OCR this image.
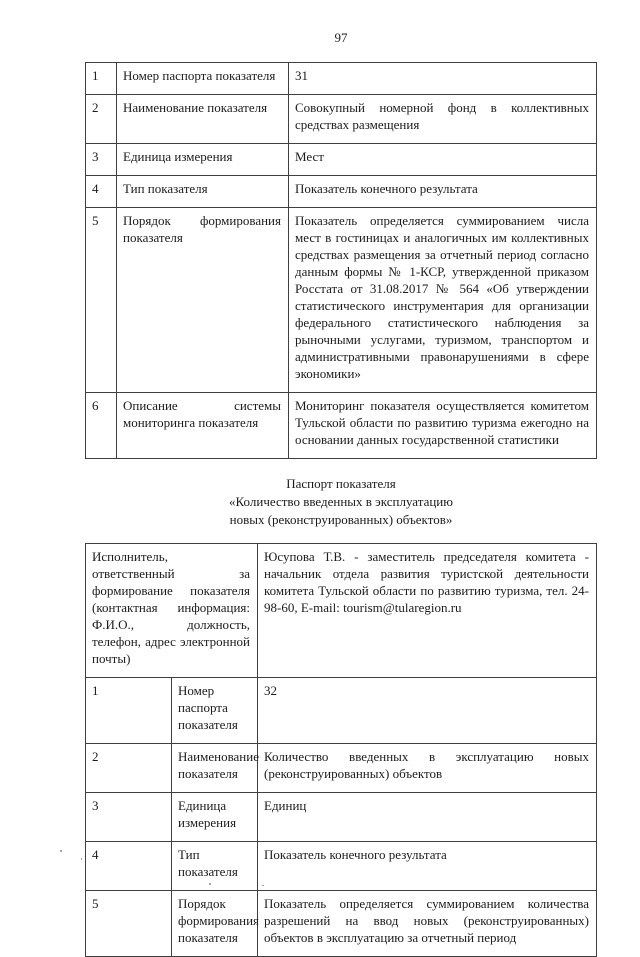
97
1	Номер паспорта показателя	31
2	Наименование показателя	Совокупный номерной фонд в коллективных средствах размещения
3	Единица измерения	Мест
4	Тип показателя	Показатель конечного результата
5	Порядок формирования показателя	Показатель определяется суммированием числа мест в гостиницах и аналогичных им коллективных средствах размещения за отчетный период согласно данным формы № 1-КСР, утвержденной приказом Росстата от 31.08.2017 № 564 «Об утверждении статистического инструментария для организации федерального статистического наблюдения за рыночными услугами, туризмом, транспортом и административными правонарушениями в сфере экономики»
6	Описание системы мониторинга показателя	Мониторинг показателя осуществляется комитетом Тульской области по развитию туризма ежегодно на основании данных государственной статистики
Паспорт показателя
«Количество введенных в эксплуатацию
новых (реконструированных) объектов»
Исполнитель, ответственный за формирование показателя (контактная информация: Ф.И.О., должность, телефон, адрес электронной почты)		Юсупова Т.В. - заместитель председателя комитета - начальник отдела развития туристской деятельности комитета Тульской области по развитию туризма, тел. 24-98-60, E-mail: tourism@tularegion.ru
1	Номер паспорта показателя	32
2	Наименование показателя	Количество введенных в эксплуатацию новых (реконструированных) объектов
3	Единица измерения	Единиц
4	Тип показателя	Показатель конечного результата
5	Порядок формирования показателя	Показатель определяется суммированием количества разрешений на ввод новых (реконструированных) объектов в эксплуатацию за отчетный период
